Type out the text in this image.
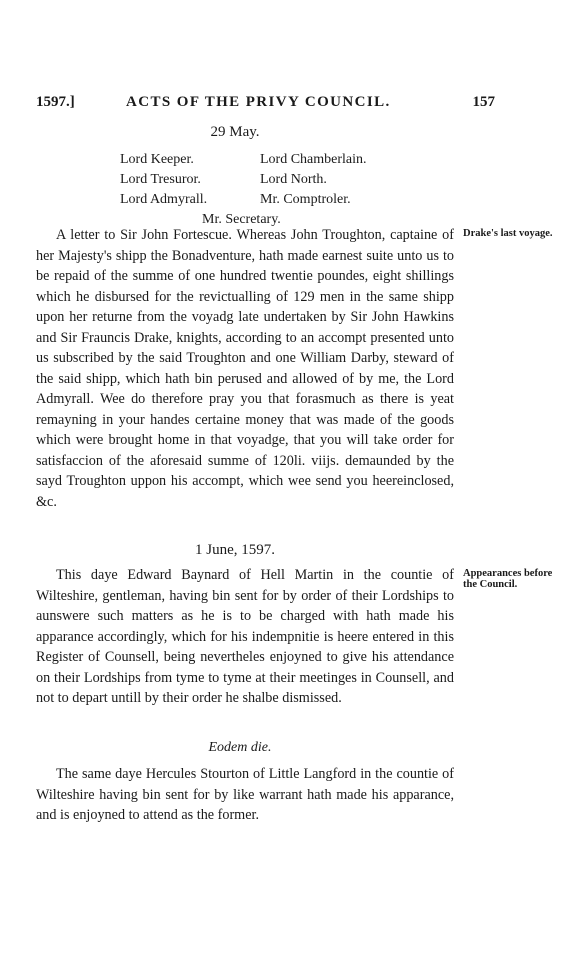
1597.]	ACTS OF THE PRIVY COUNCIL.	157
29 May.
Lord Keeper.	Lord Chamberlain.
Lord Tresuror.	Lord North.
Lord Admyrall.	Mr. Comptroler.
Mr. Secretary.
Drake's last voyage.

A letter to Sir John Fortescue. Whereas John Troughton, captaine of her Majesty's shipp the Bonadventure, hath made earnest suite unto us to be repaid of the summe of one hundred twentie poundes, eight shillings which he disbursed for the revictualling of 129 men in the same shipp upon her returne from the voyadg late undertaken by Sir John Hawkins and Sir Frauncis Drake, knights, according to an accompt presented unto us subscribed by the said Troughton and one William Darby, steward of the said shipp, which hath bin perused and allowed of by me, the Lord Admyrall. Wee do therefore pray you that forasmuch as there is yeat remayning in your handes certaine money that was made of the goods which were brought home in that voyadge, that you will take order for satisfaccion of the aforesaid summe of 120li. viijs. demaunded by the sayd Troughton uppon his accompt, which wee send you heereinclosed, &c.

1 June, 1597.
Appearances before the Council.

This daye Edward Baynard of Hell Martin in the countie of Wilteshire, gentleman, having bin sent for by order of their Lordships to aunswere such matters as he is to be charged with hath made his apparance accordingly, which for his indempnitie is heere entered in this Register of Counsell, being nevertheles enjoyned to give his attendance on their Lordships from tyme to tyme at their meetinges in Counsell, and not to depart untill by their order he shalbe dismissed.

Eodem die.

The same daye Hercules Stourton of Little Langford in the countie of Wilteshire having bin sent for by like warrant hath made his apparance, and is enjoyned to attend as the former.
